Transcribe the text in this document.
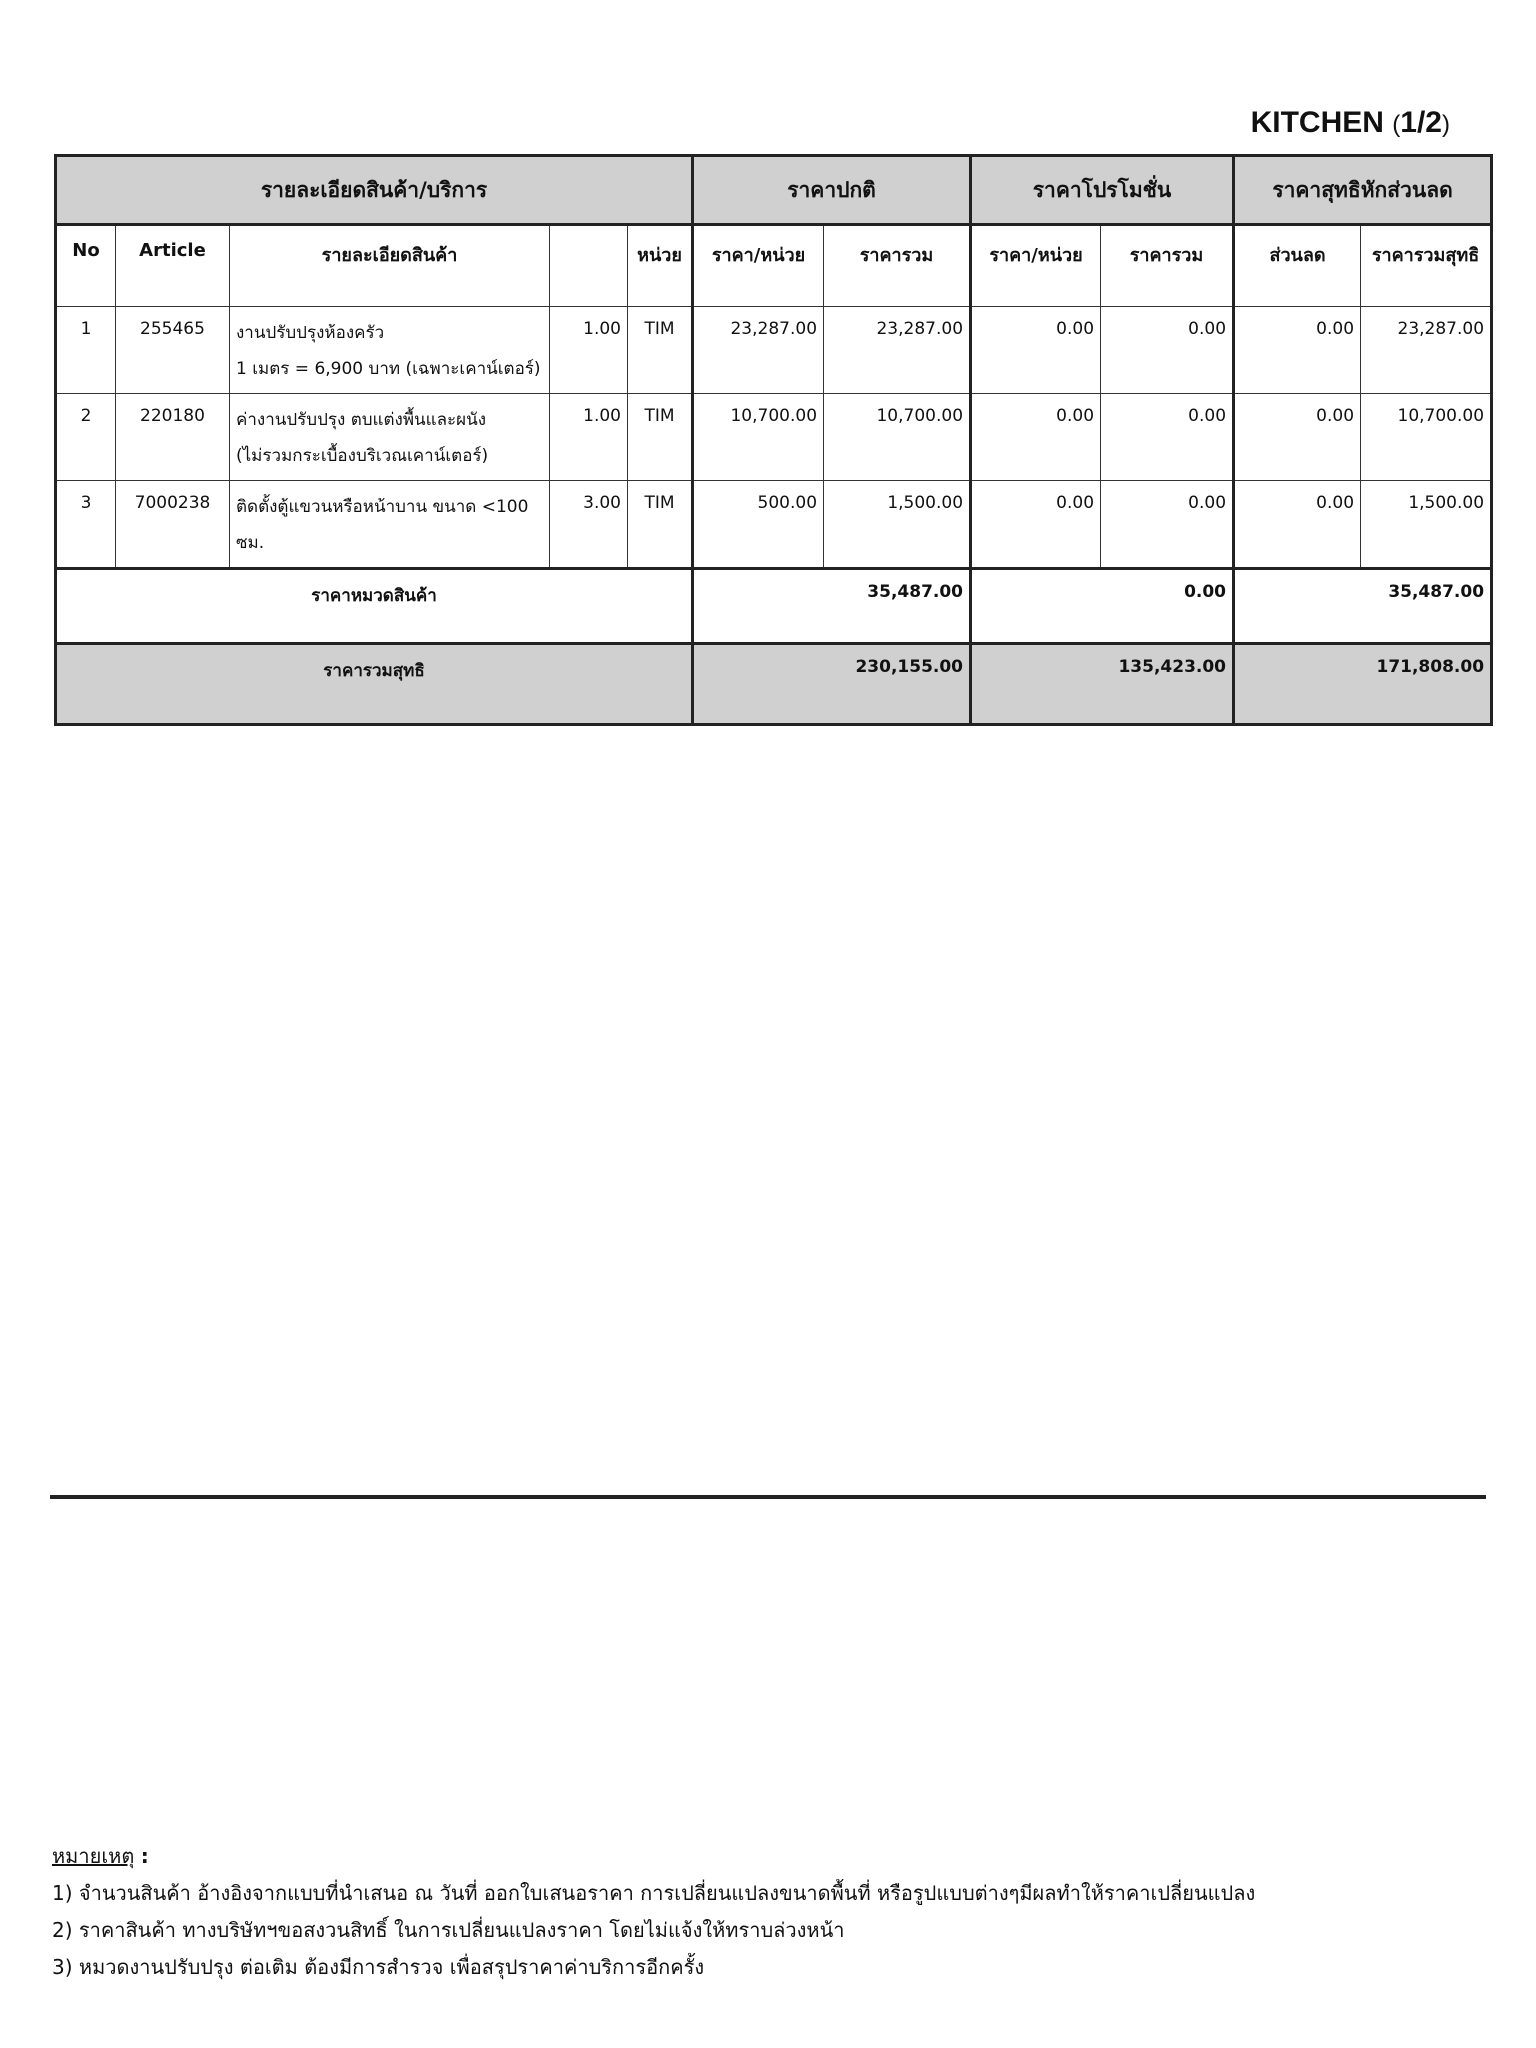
KITCHEN (1/2)
รายละเอียดสินค้า/บริการ					ราคาปกติ		ราคาโปรโมชั่น		ราคาสุทธิหักส่วนลด	
No	Article	รายละเอียดสินค้า		หน่วย	ราคา/หน่วย	ราคารวม	ราคา/หน่วย	ราคารวม	ส่วนลด	ราคารวมสุทธิ
1	255465	งานปรับปรุงห้องครัว
1 เมตร = 6,900 บาท (เฉพาะเคาน์เตอร์)	1.00	TIM	23,287.00	23,287.00	0.00	0.00	0.00	23,287.00
2	220180	ค่างานปรับปรุง ตบแต่งพื้นและผนัง
(ไม่รวมกระเบื้องบริเวณเคาน์เตอร์)	1.00	TIM	10,700.00	10,700.00	0.00	0.00	0.00	10,700.00
3	7000238	ติดตั้งตู้แขวนหรือหน้าบาน ขนาด <100 ซม.	3.00	TIM	500.00	1,500.00	0.00	0.00	0.00	1,500.00
ราคาหมวดสินค้า					35,487.00		0.00		35,487.00	
ราคารวมสุทธิ					230,155.00		135,423.00		171,808.00	
หมายเหตุ :
1) จำนวนสินค้า อ้างอิงจากแบบที่นำเสนอ ณ วันที่ ออกใบเสนอราคา การเปลี่ยนแปลงขนาดพื้นที่ หรือรูปแบบต่างๆมีผลทำให้ราคาเปลี่ยนแปลง
2) ราคาสินค้า ทางบริษัทฯขอสงวนสิทธิ์ ในการเปลี่ยนแปลงราคา โดยไม่แจ้งให้ทราบล่วงหน้า
3) หมวดงานปรับปรุง ต่อเติม ต้องมีการสำรวจ เพื่อสรุปราคาค่าบริการอีกครั้ง
